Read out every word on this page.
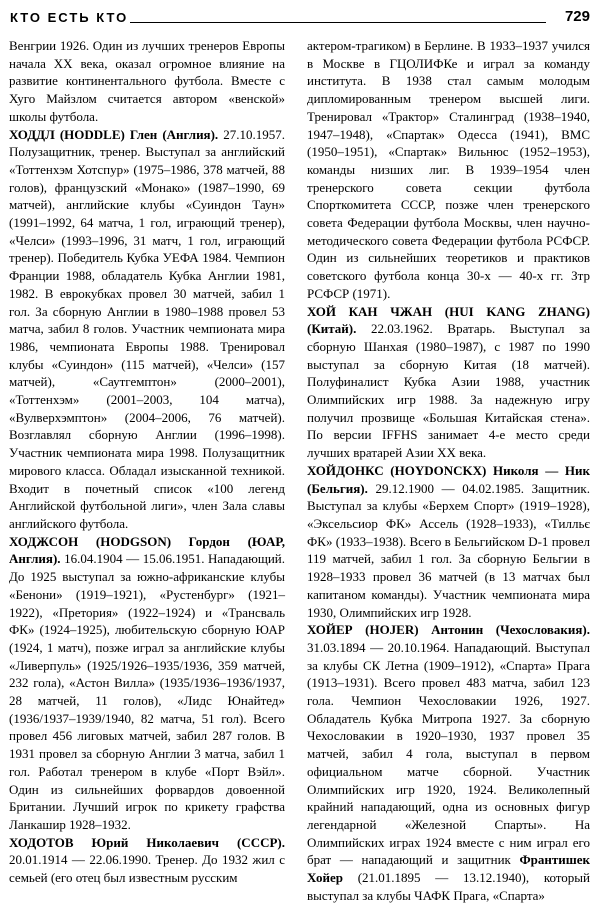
КТО ЕСТЬ КТО	729

Венгрии 1926. Один из лучших тренеров Европы начала XX века, оказал огромное влияние на развитие континентального футбола. Вместе с Хуго Майзлом считается автором «венской» школы футбола.

ХОДДЛ (HODDLE) Глен (Англия). 27.10.1957. Полузащитник, тренер. Выступал за английский «Тоттенхэм Хотспур» (1975–1986, 378 матчей, 88 голов), французский «Монако» (1987–1990, 69 матчей), английские клубы «Суиндон Таун» (1991–1992, 64 матча, 1 гол, играющий тренер), «Челси» (1993–1996, 31 матч, 1 гол, играющий тренер). Победитель Кубка УЕФА 1984. Чемпион Франции 1988, обладатель Кубка Англии 1981, 1982. В еврокубках провел 30 матчей, забил 1 гол. За сборную Англии в 1980–1988 провел 53 матча, забил 8 голов. Участник чемпионата мира 1986, чемпионата Европы 1988. Тренировал клубы «Суиндон» (115 матчей), «Челси» (157 матчей), «Саутгемптон» (2000–2001), «Тоттенхэм» (2001–2003, 104 матча), «Вулверхэмптон» (2004–2006, 76 матчей). Возглавлял сборную Англии (1996–1998). Участник чемпионата мира 1998. Полузащитник мирового класса. Обладал изысканной техникой. Входит в почетный список «100 легенд Английской футбольной лиги», член Зала славы английского футбола.

ХОДЖСОН (HODGSON) Гордон (ЮАР, Англия). 16.04.1904 — 15.06.1951. Нападающий. До 1925 выступал за южно-африканские клубы «Бенони» (1919–1921), «Рустенбург» (1921–1922), «Претория» (1922–1924) и «Трансваль ФК» (1924–1925), любительскую сборную ЮАР (1924, 1 матч), позже играл за английские клубы «Ливерпуль» (1925/1926–1935/1936, 359 матчей, 232 гола), «Астон Вилла» (1935/1936–1936/1937, 28 матчей, 11 голов), «Лидс Юнайтед» (1936/1937–1939/1940, 82 матча, 51 гол). Всего провел 456 лиговых матчей, забил 287 голов. В 1931 провел за сборную Англии 3 матча, забил 1 гол. Работал тренером в клубе «Порт Вэйл». Один из сильнейших форвардов довоенной Британии. Лучший игрок по крикету графства Ланкашир 1928–1932.

ХОДОТОВ Юрий Николаевич (СССР). 20.01.1914 — 22.06.1990. Тренер. До 1932 жил с семьей (его отец был известным русским

актером-трагиком) в Берлине. В 1933–1937 учился в Москве в ГЦОЛИФКе и играл за команду института. В 1938 стал самым молодым дипломированным тренером высшей лиги. Тренировал «Трактор» Сталинград (1938–1940, 1947–1948), «Спартак» Одесса (1941), ВМС (1950–1951), «Спартак» Вильнюс (1952–1953), команды низших лиг. В 1939–1954 член тренерского совета секции футбола Спорткомитета СССР, позже член тренерского совета Федерации футбола Москвы, член научно-методического совета Федерации футбола РСФСР. Один из сильнейших теоретиков и практиков советского футбола конца 30-х — 40-х гг. Зтр РСФСР (1971).

ХОЙ КАН ЧЖАН (HUI KANG ZHANG) (Китай). 22.03.1962. Вратарь. Выступал за сборную Шанхая (1980–1987), с 1987 по 1990 выступал за сборную Китая (18 матчей). Полуфиналист Кубка Азии 1988, участник Олимпийских игр 1988. За надежную игру получил прозвище «Большая Китайская стена». По версии IFFHS занимает 4-е место среди лучших вратарей Азии XX века.

ХОЙДОНКС (HOYDONCKX) Николя — Ник (Бельгия). 29.12.1900 — 04.02.1985. Защитник. Выступал за клубы «Берхем Спорт» (1919–1928), «Эксельсиор ФК» Ассель (1928–1933), «Тилльє ФК» (1933–1938). Всего в Бельгийском D-1 провел 119 матчей, забил 1 гол. За сборную Бельгии в 1928–1933 провел 36 матчей (в 13 матчах был капитаном команды). Участник чемпионата мира 1930, Олимпийских игр 1928.

ХОЙЕР (HOJER) Антонин (Чехословакия). 31.03.1894 — 20.10.1964. Нападающий. Выступал за клубы СК Летна (1909–1912), «Спарта» Прага (1913–1931). Всего провел 483 матча, забил 123 гола. Чемпион Чехословакии 1926, 1927. Обладатель Кубка Митропа 1927. За сборную Чехословакии в 1920–1930, 1937 провел 35 матчей, забил 4 гола, выступал в первом официальном матче сборной. Участник Олимпийских игр 1920, 1924. Великолепный крайний нападающий, одна из основных фигур легендарной «Железной Спарты». На Олимпийских играх 1924 вместе с ним играл его брат — нападающий и защитник Франтишек Хойер (21.01.1895 — 13.12.1940), который выступал за клубы ЧАФК Прага, «Спарта»
